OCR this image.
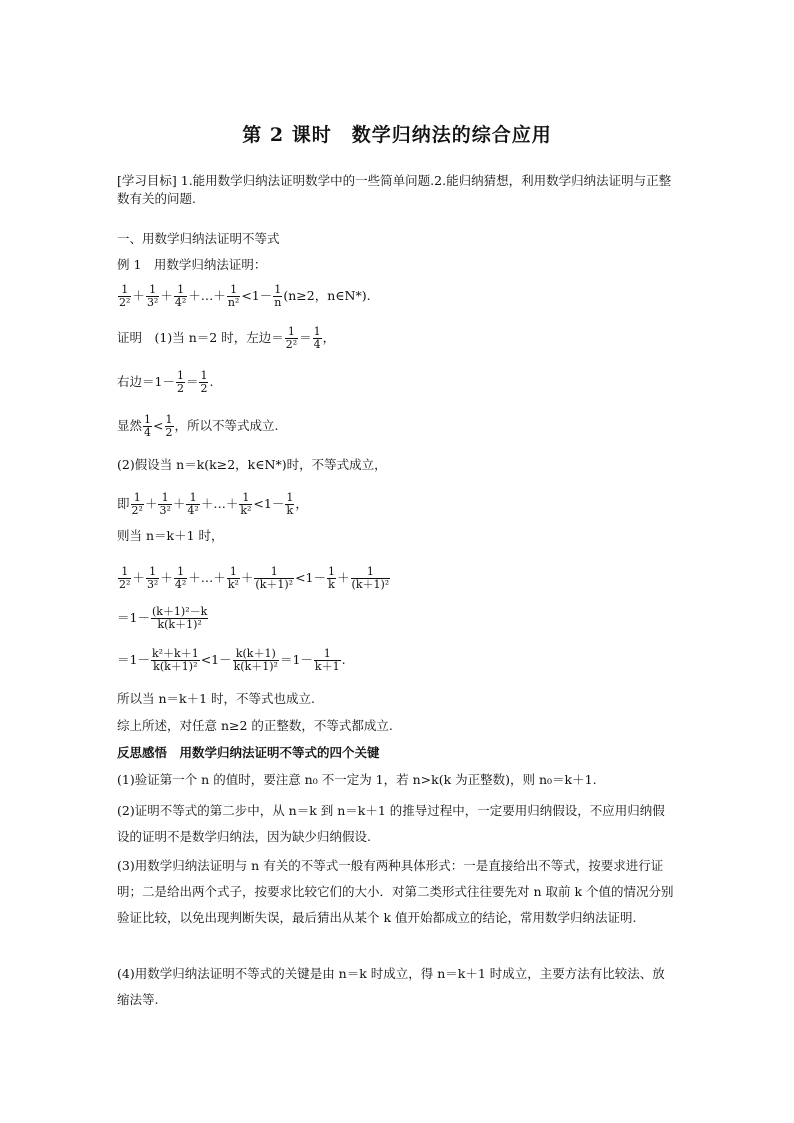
第 2 课时　数学归纳法的综合应用
[学习目标] 1.能用数学归纳法证明数学中的一些简单问题.2.能归纳猜想，利用数学归纳法证明与正整数有关的问题.
一、用数学归纳法证明不等式
例 1　用数学归纳法证明：
$\frac{1}{\text{2²}} + \frac{1}{\text{3²}} + \frac{1}{\text{4²}}$ ＋…＋ $\frac{1}{\text{n²}} <1- \frac{1}{n} (n\ge 2$，n∈N*).
证明　 (1)当 n＝2 时，左边＝ $\frac{1}{\text{2²}} = \frac{1}{4}$ ，
右边$=1- \frac{1}{2} = \frac{1}{2}$ .
显然 $\frac{1}{4} < \frac{1}{2}$ ，所以不等式成立.
(2)假设当 n＝k(k≥2，k∈N*)时，不等式成立，
即 $\frac{1}{\text{2²}} + \frac{1}{\text{3²}} + \frac{1}{\text{4²}}$ ＋…＋ $\frac{1}{\text{k²}} <1- \frac{1}{k}$ ，
则当 n＝k＋1 时，
$\frac{1}{\text{2²}} + \frac{1}{\text{3²}} + \frac{1}{\text{4²}}$ ＋…＋ $\frac{1}{\text{k²}} + \frac{1}{\text{(k＋1)²}} <1- \frac{1}{k} + \frac{1}{\text{(k＋1)²}}$
$=1- \frac{\text{(k＋1)²－k}}{\text{k(k＋1)²}}$
$=1- \frac{\text{k²＋k＋1}}{\text{k(k＋1)²}} <1- \frac{k(k+1)}{\text{k(k＋1)²}} =1- \frac{1}{k+1}$ .
所以当 n＝k＋1 时，不等式也成立.
综上所述，对任意 n≥2 的正整数，不等式都成立.
反思感悟　 用数学归纳法证明不等式的四个关键
(1)验证第一个 n 的值时，要注意 n₀ 不一定为 1，若 n>k(k 为正整数)，则 n₀＝k＋1.
(2)证明不等式的第二步中，从 n＝k 到 n＝k＋1 的推导过程中，一定要用归纳假设，不应用归纳假设的证明不是数学归纳法，因为缺少归纳假设.
(3)用数学归纳法证明与 n 有关的不等式一般有两种具体形式：一是直接给出不等式，按要求进行证明；二是给出两个式子，按要求比较它们的大小．对第二类形式往往要先对 n 取前 k 个值的情况分别验证比较，以免出现判断失误，最后猜出从某个 k 值开始都成立的结论，常用数学归纳法证明.
(4)用数学归纳法证明不等式的关键是由 n＝k 时成立，得 n＝k＋1 时成立，主要方法有比较法、放缩法等.
